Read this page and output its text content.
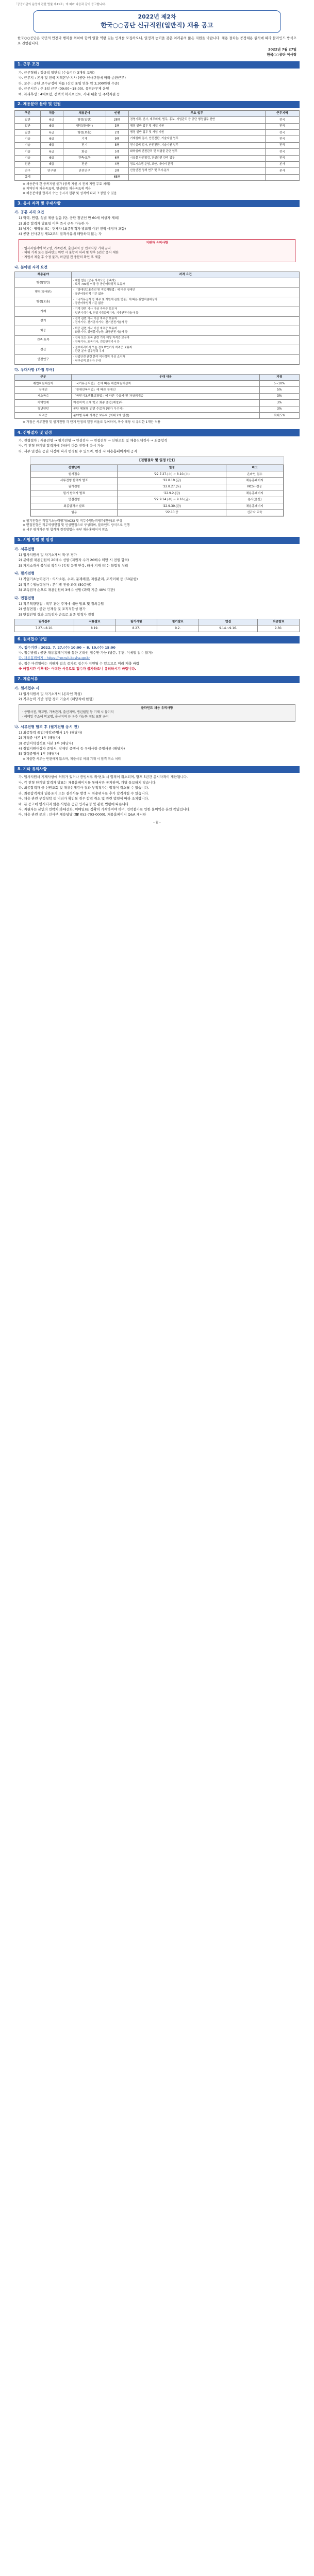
「공공기관의 운영에 관한 법률 제41조」에 따라 다음과 같이 공고합니다.
2022년 제2차
한국○○공단 신규직원(일반직) 채용 공고
한국○○공단은 국민의 안전과 행복을 위하여 함께 일할 역량 있는 인재를 모집하오니, 열정과 능력을 갖춘 여러분의 많은 지원을 바랍니다. 채용 절차는 공정채용 원칙에 따라 블라인드 방식으로 진행됩니다.
2022년 7월 27일
한국○○공단 이사장
1. 근무 조건

가. 근무형태 : 정규직 일반직 (수습기간 3개월 포함)

나. 근무지 : 본사 및 전국 지역본부·지사 (공단 인사규정에 따라 순환근무)

다. 보수 : 공단 보수규정에 따름 (신입 초임 연봉 약 3,300만원 수준)

라. 근무시간 : 주 5일 근무 (09:00~18:00), 유연근무제 운영

마. 복리후생 : 4대보험, 선택적 복지포인트, 사내 대출 및 주택지원 등

2. 채용분야 분야 및 인원
구분	직급	채용분야	인원	주요 업무	근무지역
일반	6급	행정(일반)	28명	경영기획, 인사, 재무회계, 법무, 홍보, 사업관리 등 공단 행정업무 전반	전국
일반	6급	행정(장애인)	3명	행정 일반 업무 및 사업 지원	전국
일반	6급	행정(보훈)	2명	행정 일반 업무 및 사업 지원	전국
기술	6급	기계	9명	기계설비 검사, 안전진단, 기술지원 업무	전국
기술	6급	전기	8명	전기설비 검사, 안전진단, 기술지원 업무	전국
기술	6급	화공	5명	화학설비 안전관리 및 위험물 관련 업무	전국
기술	6급	건축·토목	6명	시설물 안전점검, 건설안전 관리 업무	전국
전산	6급	전산	4명	정보시스템 운영, 보안, 데이터 관리	본사
연구	연구원	안전연구	3명	산업안전 정책 연구 및 조사·분석	본사
합계			68명		

※ 채용분야 간 중복지원 불가 (중복 지원 시 전체 지원 무효 처리)

※ 지역인재 채용목표제, 양성평등 채용목표제 적용

※ 채용분야별 합격자 수는 응시자 현황 및 성적에 따라 조정될 수 있음

3. 응시 자격 및 우대사항
가. 공통 자격 요건

1) 학력, 연령, 성별 제한 없음 (단, 공단 정년인 만 60세 이상자 제외)

2) 최종 합격자 발표일 이후 즉시 근무 가능한 자

3) 남자는 병역필 또는 면제자 (최종합격자 발표일 이전 전역 예정자 포함)

4) 공단 인사규정 제12조의 결격사유에 해당하지 않는 자

지원자 유의사항
· 입사지원서에 학교명, 가족관계, 출신지역 등 인적사항 기재 금지
· 허위 기재 또는 블라인드 위반 시 불합격 처리 및 향후 5년간 응시 제한
· 지원서 제출 후 수정 불가, 마감일 전 충분히 확인 후 제출
나. 분야별 자격 요건
채용분야	자격 요건
행정(일반)	· 제한 없음 (공통 자격요건 충족자)
· 토익 700점 이상 등 공인어학성적 보유자
행정(장애인)	· 「장애인고용촉진 및 직업재활법」에 따른 장애인
· 공인어학성적 기준 없음
행정(보훈)	· 「국가유공자 등 예우 및 지원에 관한 법률」에 따른 취업지원대상자
· 공인어학성적 기준 없음
기계	· 기계 관련 기사 이상 자격증 보유자
· 일반기계기사, 건설기계설비기사, 기계안전기술사 등
전기	· 전기 관련 기사 이상 자격증 보유자
· 전기기사, 전기공사기사, 전기안전기술사 등
화공	· 화공 관련 기사 이상 자격증 보유자
· 화공기사, 위험물기능장, 화공안전기술사 등
건축·토목	· 건축 또는 토목 관련 기사 이상 자격증 보유자
· 건축기사, 토목기사, 건설안전기사 등
전산	· 정보처리기사 또는 정보보안기사 자격증 보유자
· 관련 분야 실무경력 우대
안전연구	· 산업안전 관련 분야 석사학위 이상 소지자
· 연구실적 보유자 우대
다. 우대사항 (가점 부여)
구분	우대 내용	가점
취업지원대상자	「국가유공자법」 등에 따른 취업지원대상자	5~10%
장애인	「장애인복지법」에 따른 장애인	5%
저소득층	「국민기초생활보장법」에 따른 수급자 및 차상위계층	3%
지역인재	이전지역 소재 학교 최종 졸업(예정)자	3%
청년인턴	공단 체험형 인턴 수료자 (평가 우수자)	3%
자격증	분야별 우대 자격증 보유자 (최대 2개 인정)	최대 5%

※ 가점은 서류전형 및 필기전형 각 단계 만점의 일정 비율로 부여하며, 복수 해당 시 유리한 1개만 적용

4. 전형절차 및 일정

가. 전형절차 : 서류전형 → 필기전형 → 인성검사 → 면접전형 → 신원조회 및 채용신체검사 → 최종합격

나. 각 전형 단계별 합격자에 한하여 다음 전형에 응시 가능

다. 세부 일정은 공단 사정에 따라 변경될 수 있으며, 변경 시 채용홈페이지에 공지

[전형절차 및 일정 (안)]
전형단계	일정	비고
원서접수	'22.7.27.(수) ~ 8.10.(수)	온라인 접수
서류전형 합격자 발표	'22.8.19.(금)	채용홈페이지
필기전형	'22.8.27.(토)	NCS+전공
필기 합격자 발표	'22.9.2.(금)	채용홈페이지
면접전형	'22.9.14.(수) ~ 9.16.(금)	본사(울산)
최종합격자 발표	'22.9.30.(금)	채용홈페이지
임용	'22.10.중	신규자 교육

※ 필기전형은 직업기초능력평가(NCS) 및 직무수행능력평가(전공)로 구성

※ 면접전형은 직무역량면접 및 인성면접으로 구성되며, 블라인드 방식으로 진행

※ 세부 평가기준 및 합격자 결정방법은 공단 채용홈페이지 참조

5. 시험 방법 및 일정
가. 서류전형

1) 입사지원서 및 자기소개서 적·부 평가

2) 분야별 채용인원의 20배수 선발 (지원자 수가 20배수 미만 시 전원 합격)

3) 자기소개서 불성실 작성자 (동일 문장 반복, 타사 기재 등)는 불합격 처리

나. 필기전형

1) 직업기초능력평가 : 의사소통, 수리, 문제해결, 자원관리, 조직이해 등 (50문항)

2) 직무수행능력평가 : 분야별 전공 과목 (50문항)

3) 고득점자 순으로 채용인원의 3배수 선발 (과락 기준 40% 미만)

다. 면접전형

1) 직무역량면접 : 직무 관련 주제에 대한 발표 및 질의응답

2) 인성면접 : 공단 인재상 및 조직적합성 평가

3) 면접전형 결과 고득점자 순으로 최종 합격자 결정

원서접수	서류발표	필기시험	필기발표	면접	최종발표
7.27.~8.10.	8.19.	8.27.	9.2.	9.14.~9.16.	9.30.
6. 원서접수 방법

가. 접수기간 : 2022. 7. 27.(수) 10:00 ~ 8. 10.(수) 15:00

나. 접수방법 : 공단 채용홈페이지를 통한 온라인 접수만 가능 (방문, 우편, 이메일 접수 불가)

다. 채용홈페이지 : https://recruit.kosha.go.kr

라. 접수 마감일에는 지원자 접속 증가로 접수가 지연될 수 있으므로 미리 제출 바람

※ 마감시간 이후에는 어떠한 사유로도 접수가 불가하오니 유의하시기 바랍니다.

7. 제출서류
가. 원서접수 시

1) 입사지원서 및 자기소개서 (온라인 작성)

2) 직무능력 기반 경험·경력 기술서 (해당자에 한함)

블라인드 채용 유의사항
· 증명사진, 학교명, 가족관계, 출신지역, 생년월일 등 기재 시 불이익
· 이메일 주소에 학교명, 출신지역 등 유추 가능한 정보 포함 금지
나. 서류전형 합격 후 (필기전형 응시 전)

1) 최종학력 졸업(예정)증명서 1부 (해당자)

2) 자격증 사본 1부 (해당자)

3) 공인어학성적표 사본 1부 (해당자)

4) 취업지원대상자 증명서, 장애인 증명서 등 우대사항 증빙서류 (해당자)

5) 경력증명서 1부 (해당자)

※ 제출한 서류는 반환하지 않으며, 제출서류 허위 기재 시 합격 취소 처리

8. 기타 유의사항

가. 입사지원서 기재사항에 허위가 있거나 증빙서류 위·변조 시 합격이 취소되며, 향후 5년간 응시자격이 제한됩니다.

나. 각 전형 단계별 합격자 발표는 채용홈페이지를 통해서만 공지하며, 개별 통보하지 않습니다.

다. 최종합격자 중 신원조회 및 채용신체검사 결과 부적격자는 합격이 취소될 수 있습니다.

라. 최종합격자의 임용포기 또는 결격사유 발생 시 차순위자를 추가 합격시킬 수 있습니다.

마. 채용 관련 부정청탁 등 비리가 확인될 경우 합격 취소 및 관련 법령에 따라 조치합니다.

바. 본 공고에 명시되지 않은 사항은 공단 인사규정 및 관련 법령에 따릅니다.

사. 지원자는 본인의 연락처(휴대전화, 이메일)를 정확히 기재하여야 하며, 연락불가로 인한 불이익은 본인 책임입니다.

아. 채용 관련 문의 : 인사부 채용담당 (☎ 052-703-0000), 채용홈페이지 Q&A 게시판

- 끝 -
